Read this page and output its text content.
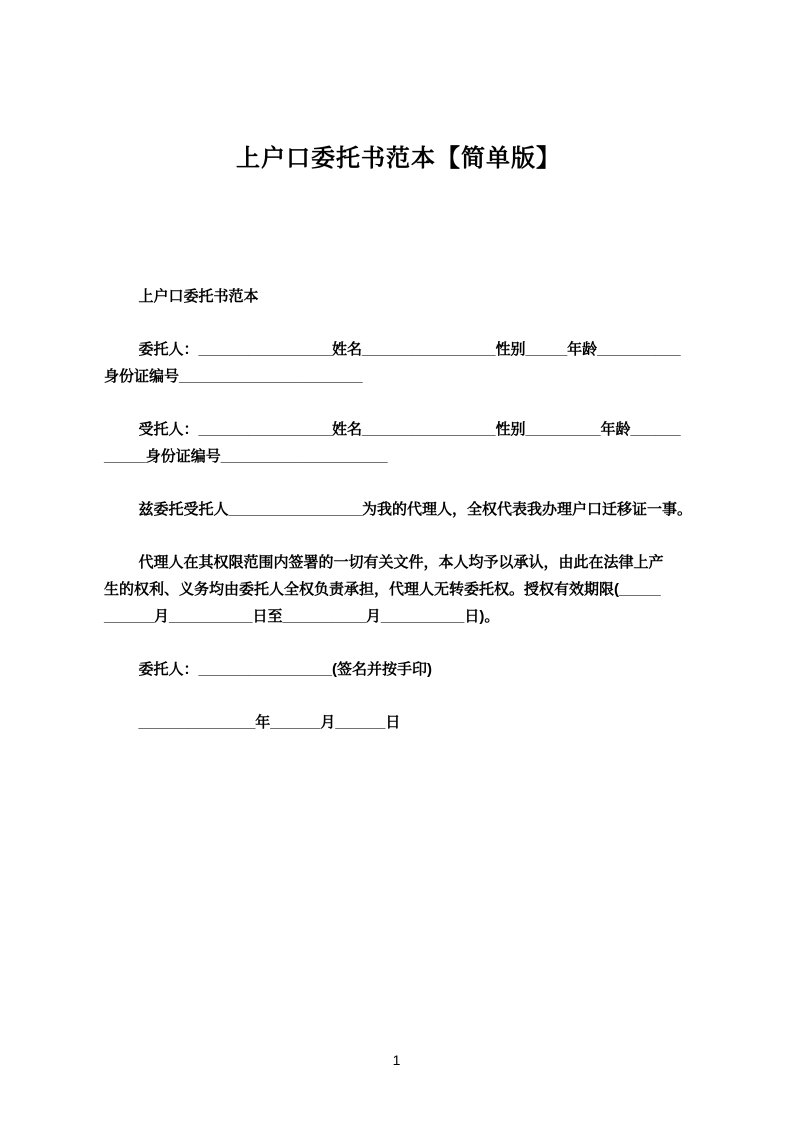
上户口委托书范本【简单版】

上户口委托书范本

委托人：________________姓名________________性别_____年龄__________
身份证编号______________________

受托人：________________姓名________________性别_________年龄______
_____身份证编号____________________

兹委托受托人________________为我的代理人，全权代表我办理户口迁移证一事。

代理人在其权限范围内签署的一切有关文件，本人均予以承认，由此在法律上产
生的权利、义务均由委托人全权负责承担，代理人无转委托权。授权有效期限(_____
______月__________日至__________月__________日)。

委托人：________________(签名并按手印)

______________年______月______日

1
